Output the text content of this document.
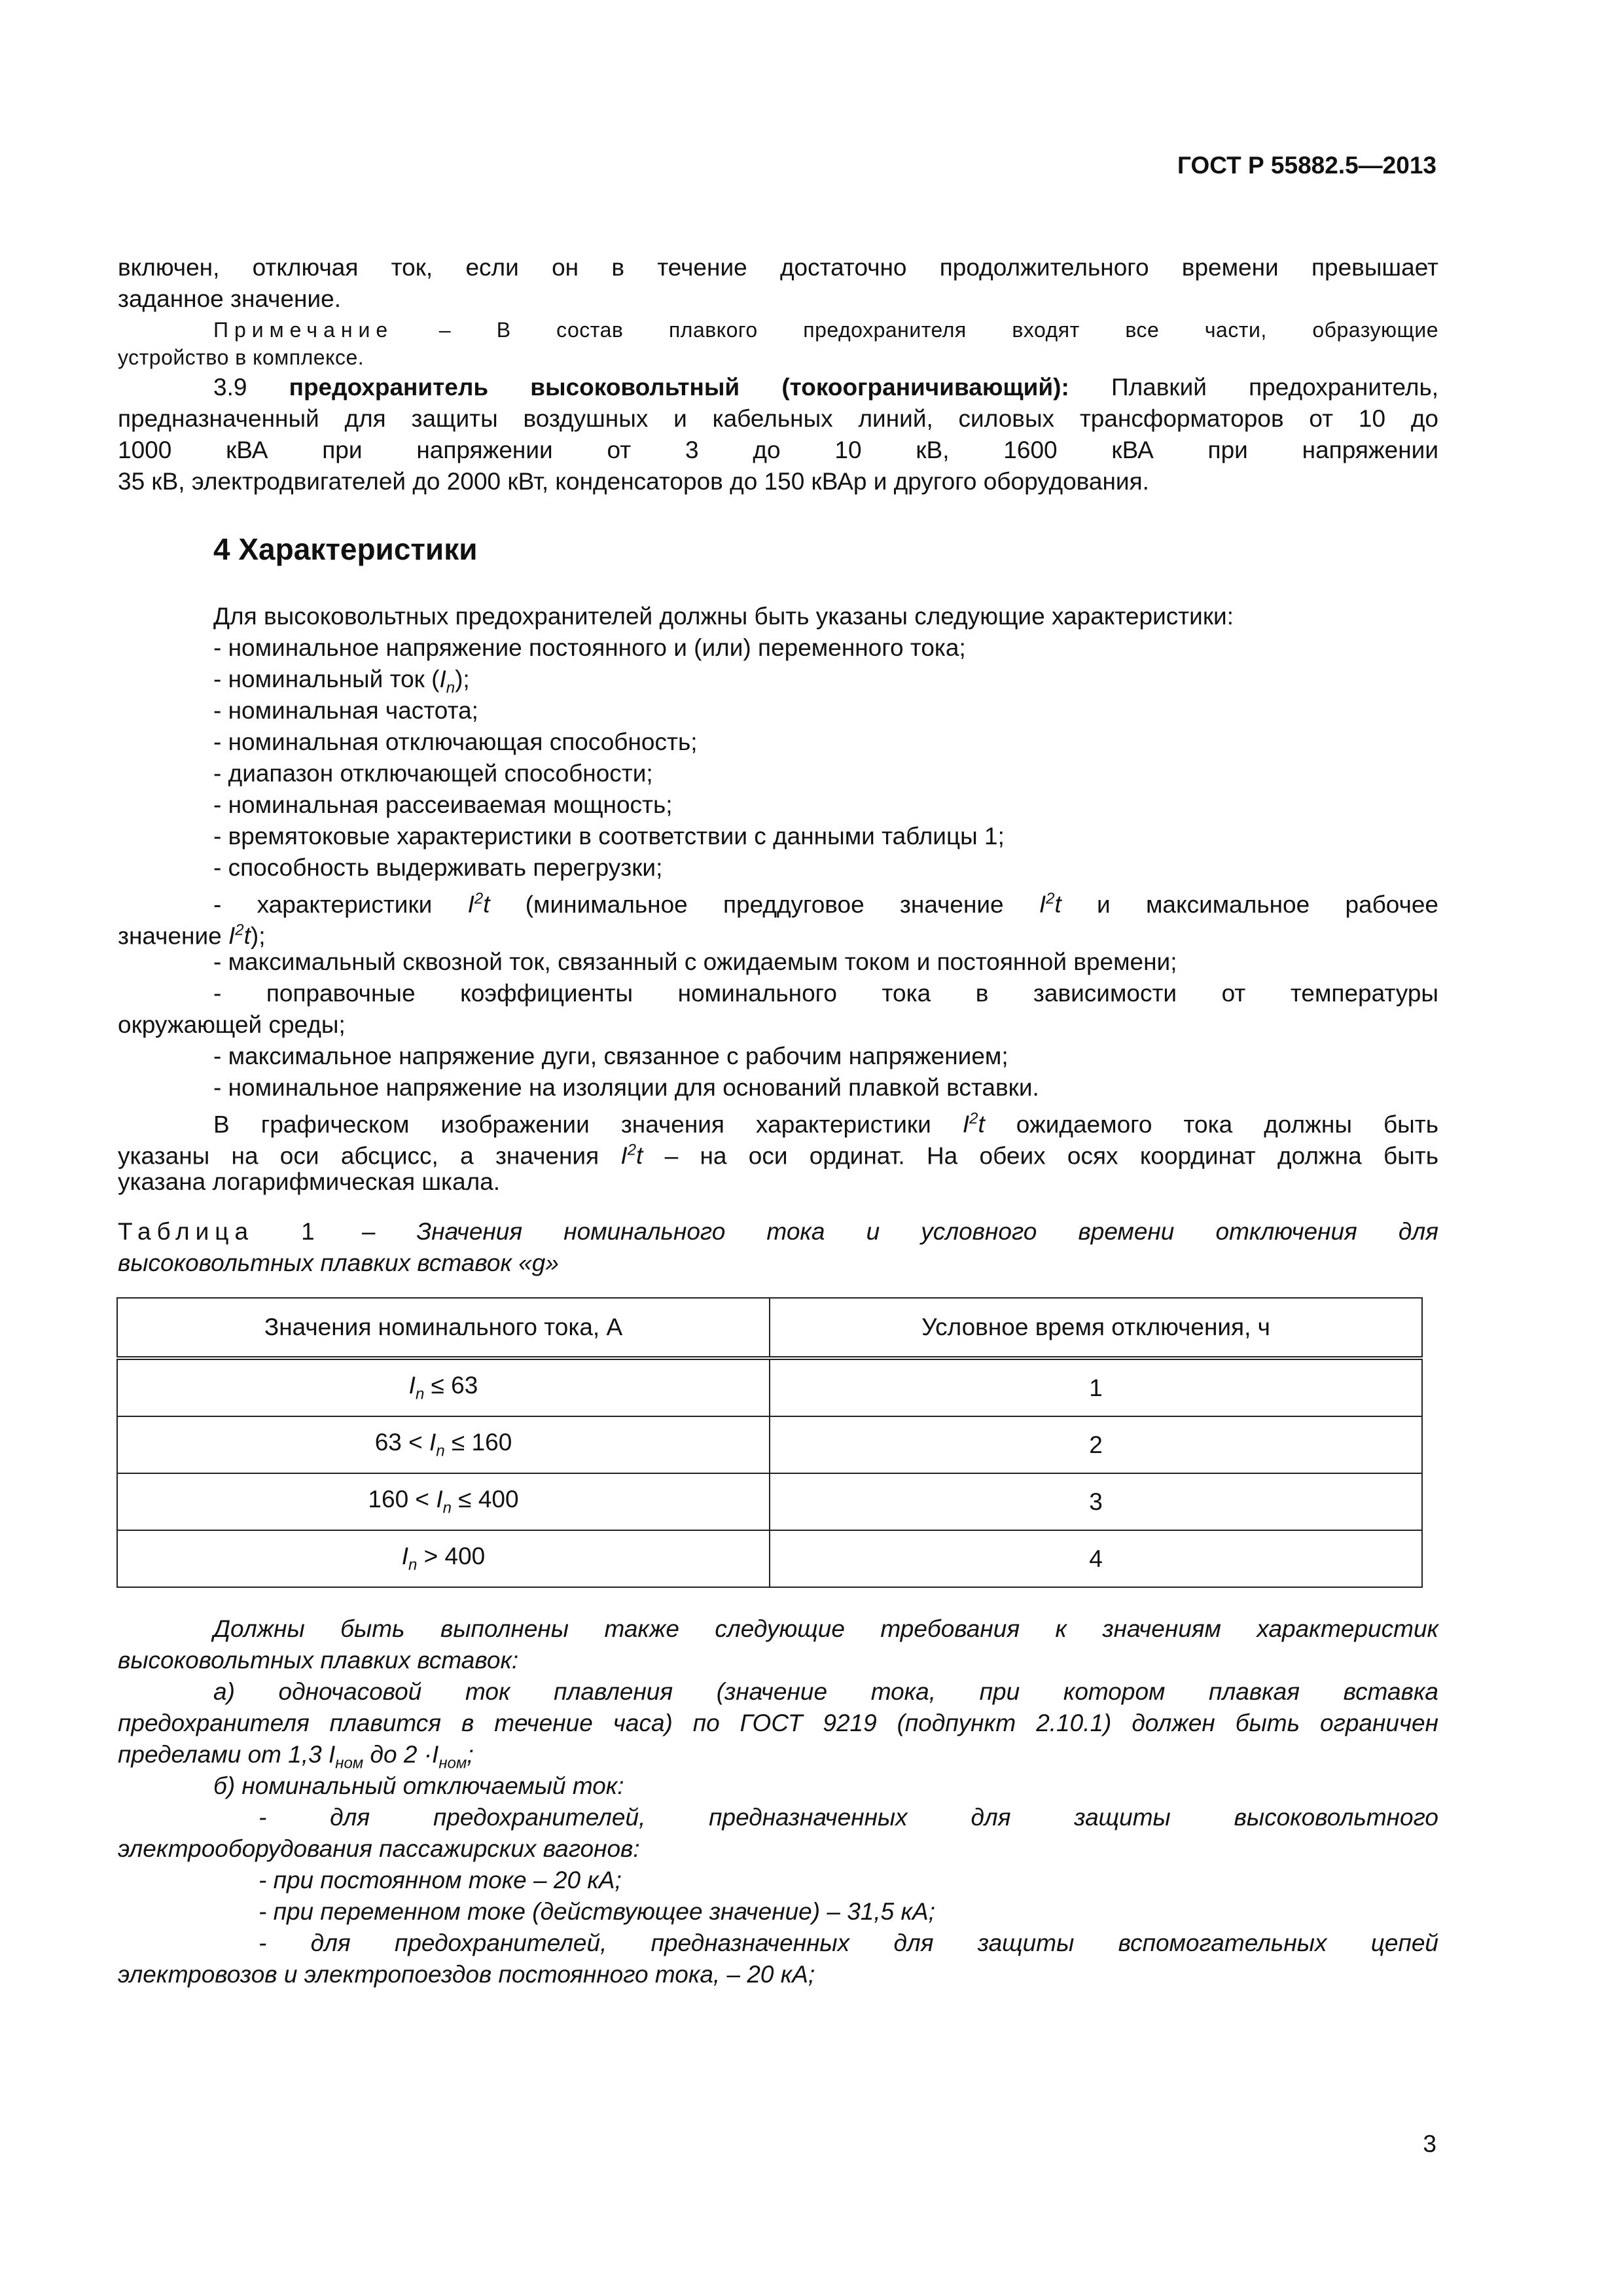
ГОСТ Р 55882.5—2013
включен, отключая ток, если он в течение достаточно продолжительного времени превышает
заданное значение.
Примечание – В состав плавкого предохранителя входят все части, образующие
устройство в комплексе.
3.9 предохранитель высоковольтный (токоограничивающий): Плавкий предохранитель,
предназначенный для защиты воздушных и кабельных линий, силовых трансформаторов от 10 до
1000 кВА при напряжении от 3 до 10 кВ, 1600 кВА при напряжении
35 кВ, электродвигателей до 2000 кВт, конденсаторов до 150 кВАр и другого оборудования.
4 Характеристики
Для высоковольтных предохранителей должны быть указаны следующие характеристики:
- номинальное напряжение постоянного и (или) переменного тока;
- номинальный ток $(I_n)$;
- номинальная частота;
- номинальная отключающая способность;
- диапазон отключающей способности;
- номинальная рассеиваемая мощность;
- времятоковые характеристики в соответствии с данными таблицы 1;
- способность выдерживать перегрузки;
- характеристики $I^2t$ (минимальное преддуговое значение $I^2t$ и максимальное рабочее
значение $I^2t$);
- максимальный сквозной ток, связанный с ожидаемым током и постоянной времени;
- поправочные коэффициенты номинального тока в зависимости от температуры
окружающей среды;
- максимальное напряжение дуги, связанное с рабочим напряжением;
- номинальное напряжение на изоляции для оснований плавкой вставки.
В графическом изображении значения характеристики $I^2t$ ожидаемого тока должны быть
указаны на оси абсцисс, а значения $I^2t$ – на оси ординат. На обеих осях координат должна быть
указана логарифмическая шкала.
Таблица 1 – Значения номинального тока и условного времени отключения для
высоковольтных плавких вставок «g»
Значения номинального тока, А	Условное время отключения, ч
$I_n \le 63$	1
$63 < I_n \le 160$	2
$160 < I_n \le 400$	3
$I_n > 400$	4
Должны быть выполнены также следующие требования к значениям характеристик
высоковольтных плавких вставок:
а) одночасовой ток плавления (значение тока, при котором плавкая вставка
предохранителя плавится в течение часа) по ГОСТ 9219 (подпункт 2.10.1) должен быть ограничен
пределами от 1,3 $I_{ном}$ до $2 \cdot I_{ном}$;
б) номинальный отключаемый ток:
- для предохранителей, предназначенных для защиты высоковольтного
электрооборудования пассажирских вагонов:
- при постоянном токе – 20 кА;
- при переменном токе (действующее значение) – 31,5 кА;
- для предохранителей, предназначенных для защиты вспомогательных цепей
электровозов и электропоездов постоянного тока, – 20 кА;
3
